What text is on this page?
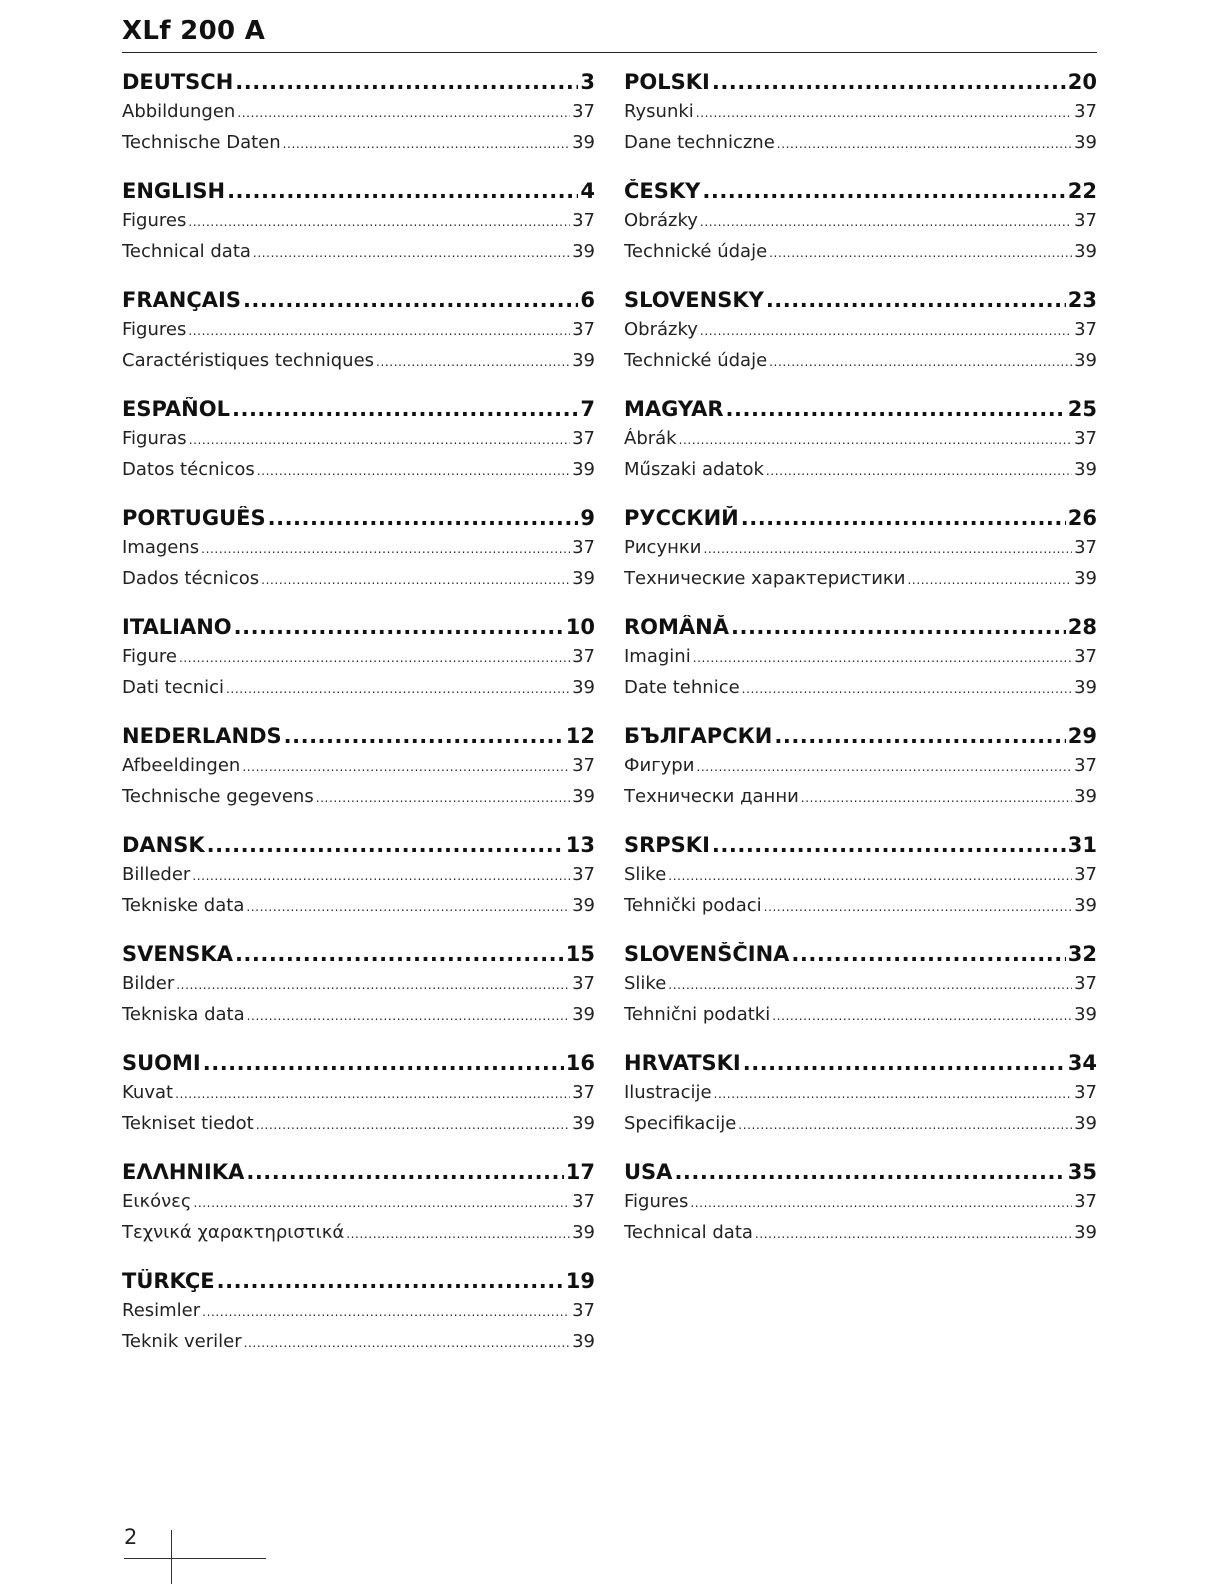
XLf 200 A
DEUTSCH .....	3
Abbildungen .....	37
Technische Daten .....	39
ENGLISH .....	4
Figures .....	37
Technical data .....	39
FRANÇAIS .....	6
Figures .....	37
Caractéristiques techniques .....	39
ESPAÑOL .....	7
Figuras .....	37
Datos técnicos .....	39
PORTUGUÊS .....	9
Imagens .....	37
Dados técnicos .....	39
ITALIANO .....	10
Figure .....	37
Dati tecnici .....	39
NEDERLANDS .....	12
Afbeeldingen .....	37
Technische gegevens .....	39
DANSK .....	13
Billeder .....	37
Tekniske data .....	39
SVENSKA .....	15
Bilder .....	37
Tekniska data .....	39
SUOMI .....	16
Kuvat .....	37
Tekniset tiedot .....	39
ΕΛΛΗΝΙΚΑ .....	17
Εικόνες .....	37
Τεχνικά χαρακτηριστικά .....	39
TÜRKÇE .....	19
Resimler .....	37
Teknik veriler .....	39
POLSKI .....	20
Rysunki .....	37
Dane techniczne .....	39
ČESKY .....	22
Obrázky .....	37
Technické údaje .....	39
SLOVENSKY .....	23
Obrázky .....	37
Technické údaje .....	39
MAGYAR .....	25
Ábrák .....	37
Műszaki adatok .....	39
РУССКИЙ .....	26
Рисунки .....	37
Технические характеристики .....	39
ROMÂNĂ .....	28
Imagini .....	37
Date tehnice .....	39
БЪЛГАРСКИ .....	29
Фигури .....	37
Технически данни .....	39
SRPSKI .....	31
Slike .....	37
Tehnički podaci .....	39
SLOVENŠČINA .....	32
Slike .....	37
Tehnični podatki .....	39
HRVATSKI .....	34
Ilustracije .....	37
Specifikacije .....	39
USA .....	35
Figures .....	37
Technical data .....	39
2
